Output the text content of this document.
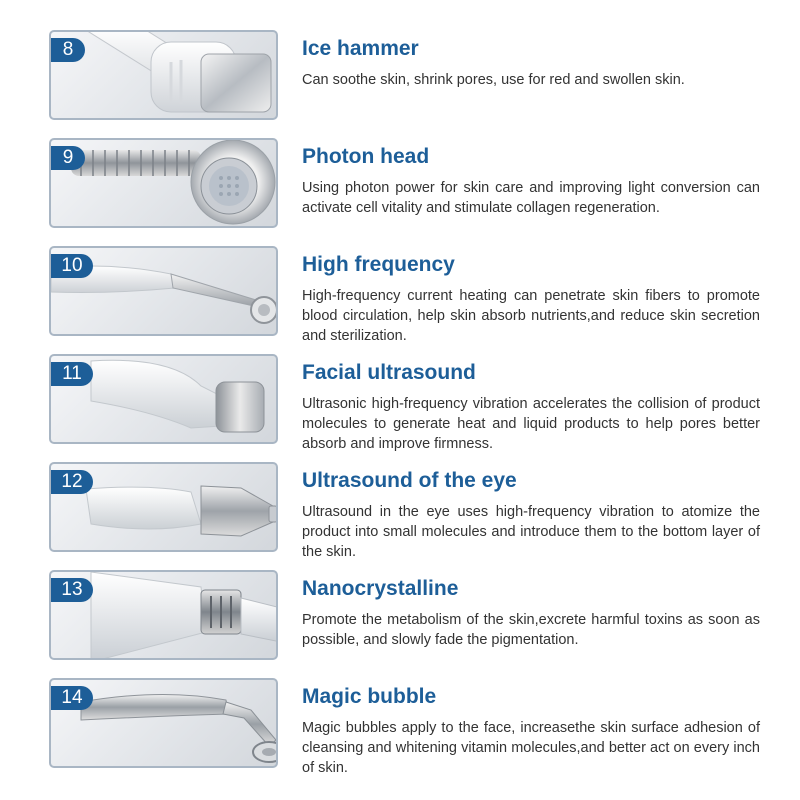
8	Ice hammer

Can soothe skin, shrink pores, use for red and swollen skin.

9	Photon head

Using photon power for skin care and improving light conversion can activate cell vitality and stimulate collagen regeneration.

10	High frequency

High-frequency current heating can penetrate skin fibers to promote blood circulation, help skin absorb nutrients,and reduce skin secretion and sterilization.

11	Facial ultrasound

Ultrasonic high-frequency vibration accelerates the collision of product molecules to generate heat and liquid products to help pores better absorb and improve firmness.

12	Ultrasound of the eye

Ultrasound in the eye uses high-frequency vibration to atomize the product into small molecules and introduce them to the bottom layer of the skin.

13	Nanocrystalline

Promote the metabolism of the skin,excrete harmful toxins as soon as possible, and slowly fade the pigmentation.

14	Magic bubble

Magic bubbles apply to the face, increasethe skin surface adhesion of cleansing and whitening vitamin molecules,and better act on every inch of skin.
